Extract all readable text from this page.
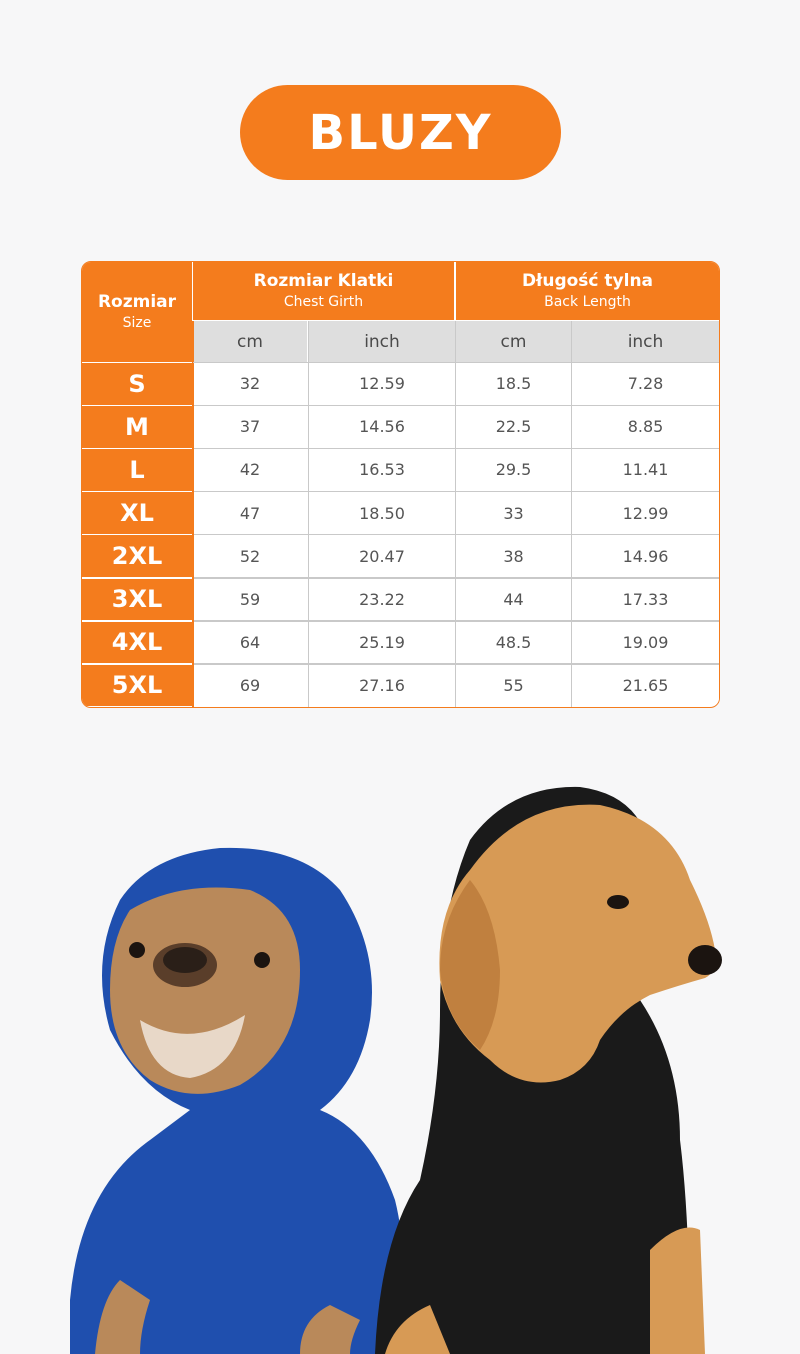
BLUZY
Rozmiar
Size
Rozmiar Klatki
Chest Girth
Długość tylna
Back Length
cm	inch	cm	inch
S	32	12.59	18.5	7.28
M	37	14.56	22.5	8.85
L	42	16.53	29.5	11.41
XL	47	18.50	33	12.99
2XL	52	20.47	38	14.96
3XL	59	23.22	44	17.33
4XL	64	25.19	48.5	19.09
5XL	69	27.16	55	21.65
